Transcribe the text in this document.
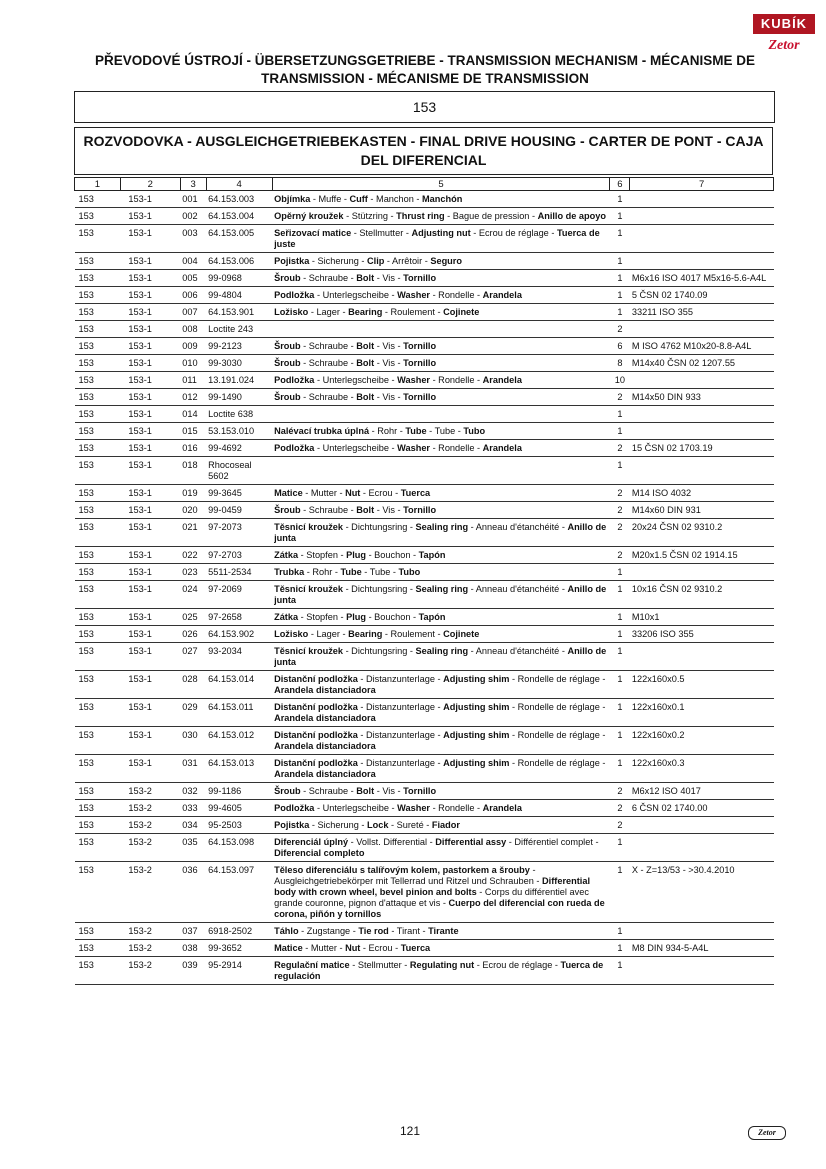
KUBÍK
Zetor
PŘEVODOVÉ ÚSTROJÍ - ÜBERSETZUNGSGETRIEBE - TRANSMISSION MECHANISM - MÉCANISME DE
TRANSMISSION - MÉCANISME DE TRANSMISSION
153
ROZVODOVKA - AUSGLEICHGETRIEBEKASTEN - FINAL DRIVE HOUSING - CARTER DE PONT - CAJA
DEL DIFERENCIAL
1	2	3	4	5	6	7
153	153-1	001	64.153.003	Objímka - Muffe - Cuff - Manchon - Manchón	1	
153	153-1	002	64.153.004	Opěrný kroužek - Stützring - Thrust ring - Bague de pression - Anillo de apoyo	1	
153	153-1	003	64.153.005	Seřizovací matice - Stellmutter - Adjusting nut - Ecrou de réglage - Tuerca de juste	1	
153	153-1	004	64.153.006	Pojistka - Sicherung - Clip - Arrêtoir - Seguro	1	
153	153-1	005	99-0968	Šroub - Schraube - Bolt - Vis - Tornillo	1	M6x16 ISO 4017 M5x16-5.6-A4L
153	153-1	006	99-4804	Podložka - Unterlegscheibe - Washer - Rondelle - Arandela	1	5 ČSN 02 1740.09
153	153-1	007	64.153.901	Ložisko - Lager - Bearing - Roulement - Cojinete	1	33211 ISO 355
153	153-1	008	Loctite 243		2	
153	153-1	009	99-2123	Šroub - Schraube - Bolt - Vis - Tornillo	6	M ISO 4762 M10x20-8.8-A4L
153	153-1	010	99-3030	Šroub - Schraube - Bolt - Vis - Tornillo	8	M14x40 ČSN 02 1207.55
153	153-1	011	13.191.024	Podložka - Unterlegscheibe - Washer - Rondelle - Arandela	10	
153	153-1	012	99-1490	Šroub - Schraube - Bolt - Vis - Tornillo	2	M14x50 DIN 933
153	153-1	014	Loctite 638		1	
153	153-1	015	53.153.010	Nalévací trubka úplná - Rohr - Tube - Tube - Tubo	1	
153	153-1	016	99-4692	Podložka - Unterlegscheibe - Washer - Rondelle - Arandela	2	15 ČSN 02 1703.19
153	153-1	018	Rhocoseal 5602		1	
153	153-1	019	99-3645	Matice - Mutter - Nut - Ecrou - Tuerca	2	M14 ISO 4032
153	153-1	020	99-0459	Šroub - Schraube - Bolt - Vis - Tornillo	2	M14x60 DIN 931
153	153-1	021	97-2073	Těsnicí kroužek - Dichtungsring - Sealing ring - Anneau d'étanchéité - Anillo de junta	2	20x24 ČSN 02 9310.2
153	153-1	022	97-2703	Zátka - Stopfen - Plug - Bouchon - Tapón	2	M20x1.5 ČSN 02 1914.15
153	153-1	023	5511-2534	Trubka - Rohr - Tube - Tube - Tubo	1	
153	153-1	024	97-2069	Těsnicí kroužek - Dichtungsring - Sealing ring - Anneau d'étanchéité - Anillo de junta	1	10x16 ČSN 02 9310.2
153	153-1	025	97-2658	Zátka - Stopfen - Plug - Bouchon - Tapón	1	M10x1
153	153-1	026	64.153.902	Ložisko - Lager - Bearing - Roulement - Cojinete	1	33206 ISO 355
153	153-1	027	93-2034	Těsnicí kroužek - Dichtungsring - Sealing ring - Anneau d'étanchéité - Anillo de junta	1	
153	153-1	028	64.153.014	Distanční podložka - Distanzunterlage - Adjusting shim - Rondelle de réglage - Arandela distanciadora	1	122x160x0.5
153	153-1	029	64.153.011	Distanční podložka - Distanzunterlage - Adjusting shim - Rondelle de réglage - Arandela distanciadora	1	122x160x0.1
153	153-1	030	64.153.012	Distanční podložka - Distanzunterlage - Adjusting shim - Rondelle de réglage - Arandela distanciadora	1	122x160x0.2
153	153-1	031	64.153.013	Distanční podložka - Distanzunterlage - Adjusting shim - Rondelle de réglage - Arandela distanciadora	1	122x160x0.3
153	153-2	032	99-1186	Šroub - Schraube - Bolt - Vis - Tornillo	2	M6x12 ISO 4017
153	153-2	033	99-4605	Podložka - Unterlegscheibe - Washer - Rondelle - Arandela	2	6 ČSN 02 1740.00
153	153-2	034	95-2503	Pojistka - Sicherung - Lock - Sureté - Fiador	2	
153	153-2	035	64.153.098	Diferenciál úplný - Vollst. Differential - Differential assy - Différentiel complet - Diferencial completo	1	
153	153-2	036	64.153.097	Těleso diferenciálu s talířovým kolem, pastorkem a šrouby - Ausgleichgetriebekörper mit Tellerrad und Ritzel und Schrauben - Differential body with crown wheel, bevel pinion and bolts - Corps du différentiel avec grande couronne, pignon d'attaque et vis - Cuerpo del diferencial con rueda de corona, piñón y tornillos	1	X - Z=13/53 - >30.4.2010
153	153-2	037	6918-2502	Táhlo - Zugstange - Tie rod - Tirant - Tirante	1	
153	153-2	038	99-3652	Matice - Mutter - Nut - Ecrou - Tuerca	1	M8 DIN 934-5-A4L
153	153-2	039	95-2914	Regulační matice - Stellmutter - Regulating nut - Ecrou de réglage - Tuerca de regulación	1	
121	Zetor
